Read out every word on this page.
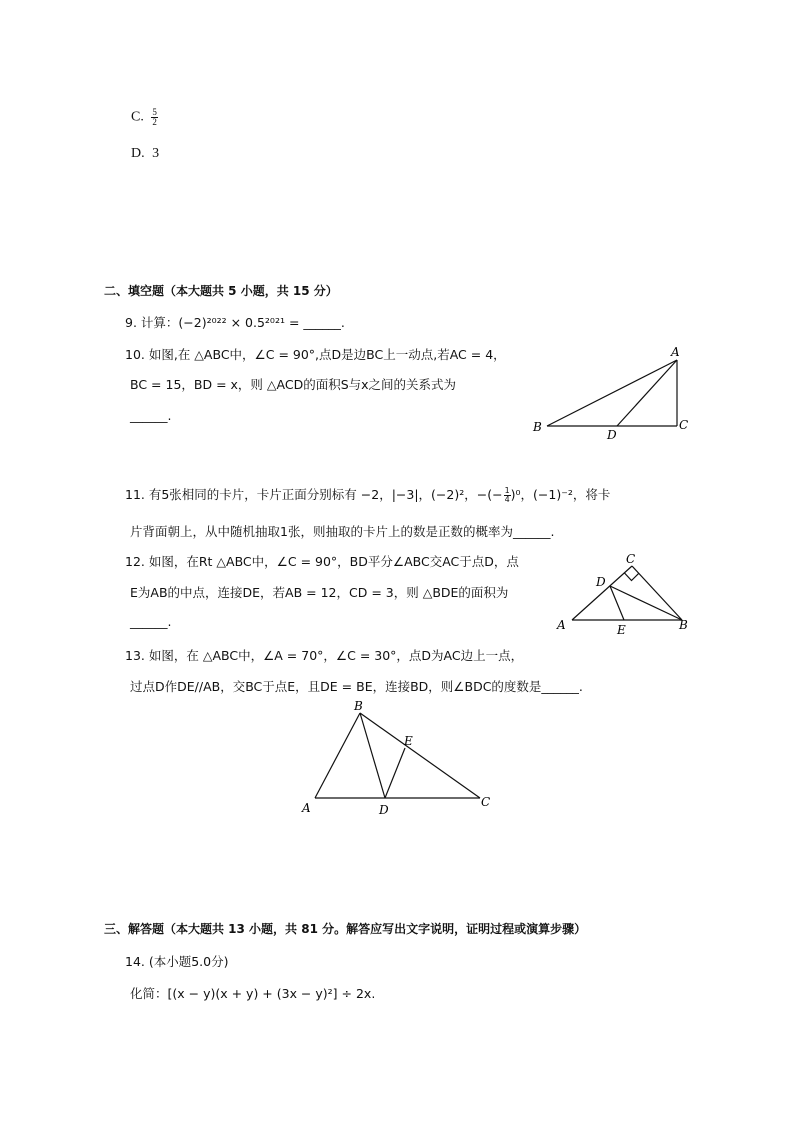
C. $\frac{5}{2}$
D. 3
二、填空题（本大题共 5 小题，共 15 分）
9. 计算：(−2)²⁰²² × 0.5²⁰²¹ = ______.
10. 如图,在 △ABC中，∠C = 90°,点D是边BC上一动点,若AC = 4，
BC = 15，BD = x，则 △ACD的面积S与x之间的关系式为
______.
A
B	C
D
11. 有5张相同的卡片，卡片正面分别标有 −2，|−3|，(−2)²，−(− $\frac{1}{4} )^0$，(−1)⁻²，将卡
片背面朝上，从中随机抽取1张，则抽取的卡片上的数是正数的概率为______.
12. 如图，在Rt △ABC中，∠C = 90°，BD平分∠ABC交AC于点D，点
E为AB的中点，连接DE，若AB = 12，CD = 3，则 △BDE的面积为
______.
C
D
A	E	B
13. 如图，在 △ABC中，∠A = 70°，∠C = 30°，点D为AC边上一点，
过点D作DE//AB，交BC于点E，且DE = BE，连接BD，则∠BDC的度数是______.
B
E
A	D
C
三、解答题（本大题共 13 小题，共 81 分。解答应写出文字说明，证明过程或演算步骤）
14. (本小题5.0分)
化简：[(x − y)(x + y) + (3x − y)²] ÷ 2x.
